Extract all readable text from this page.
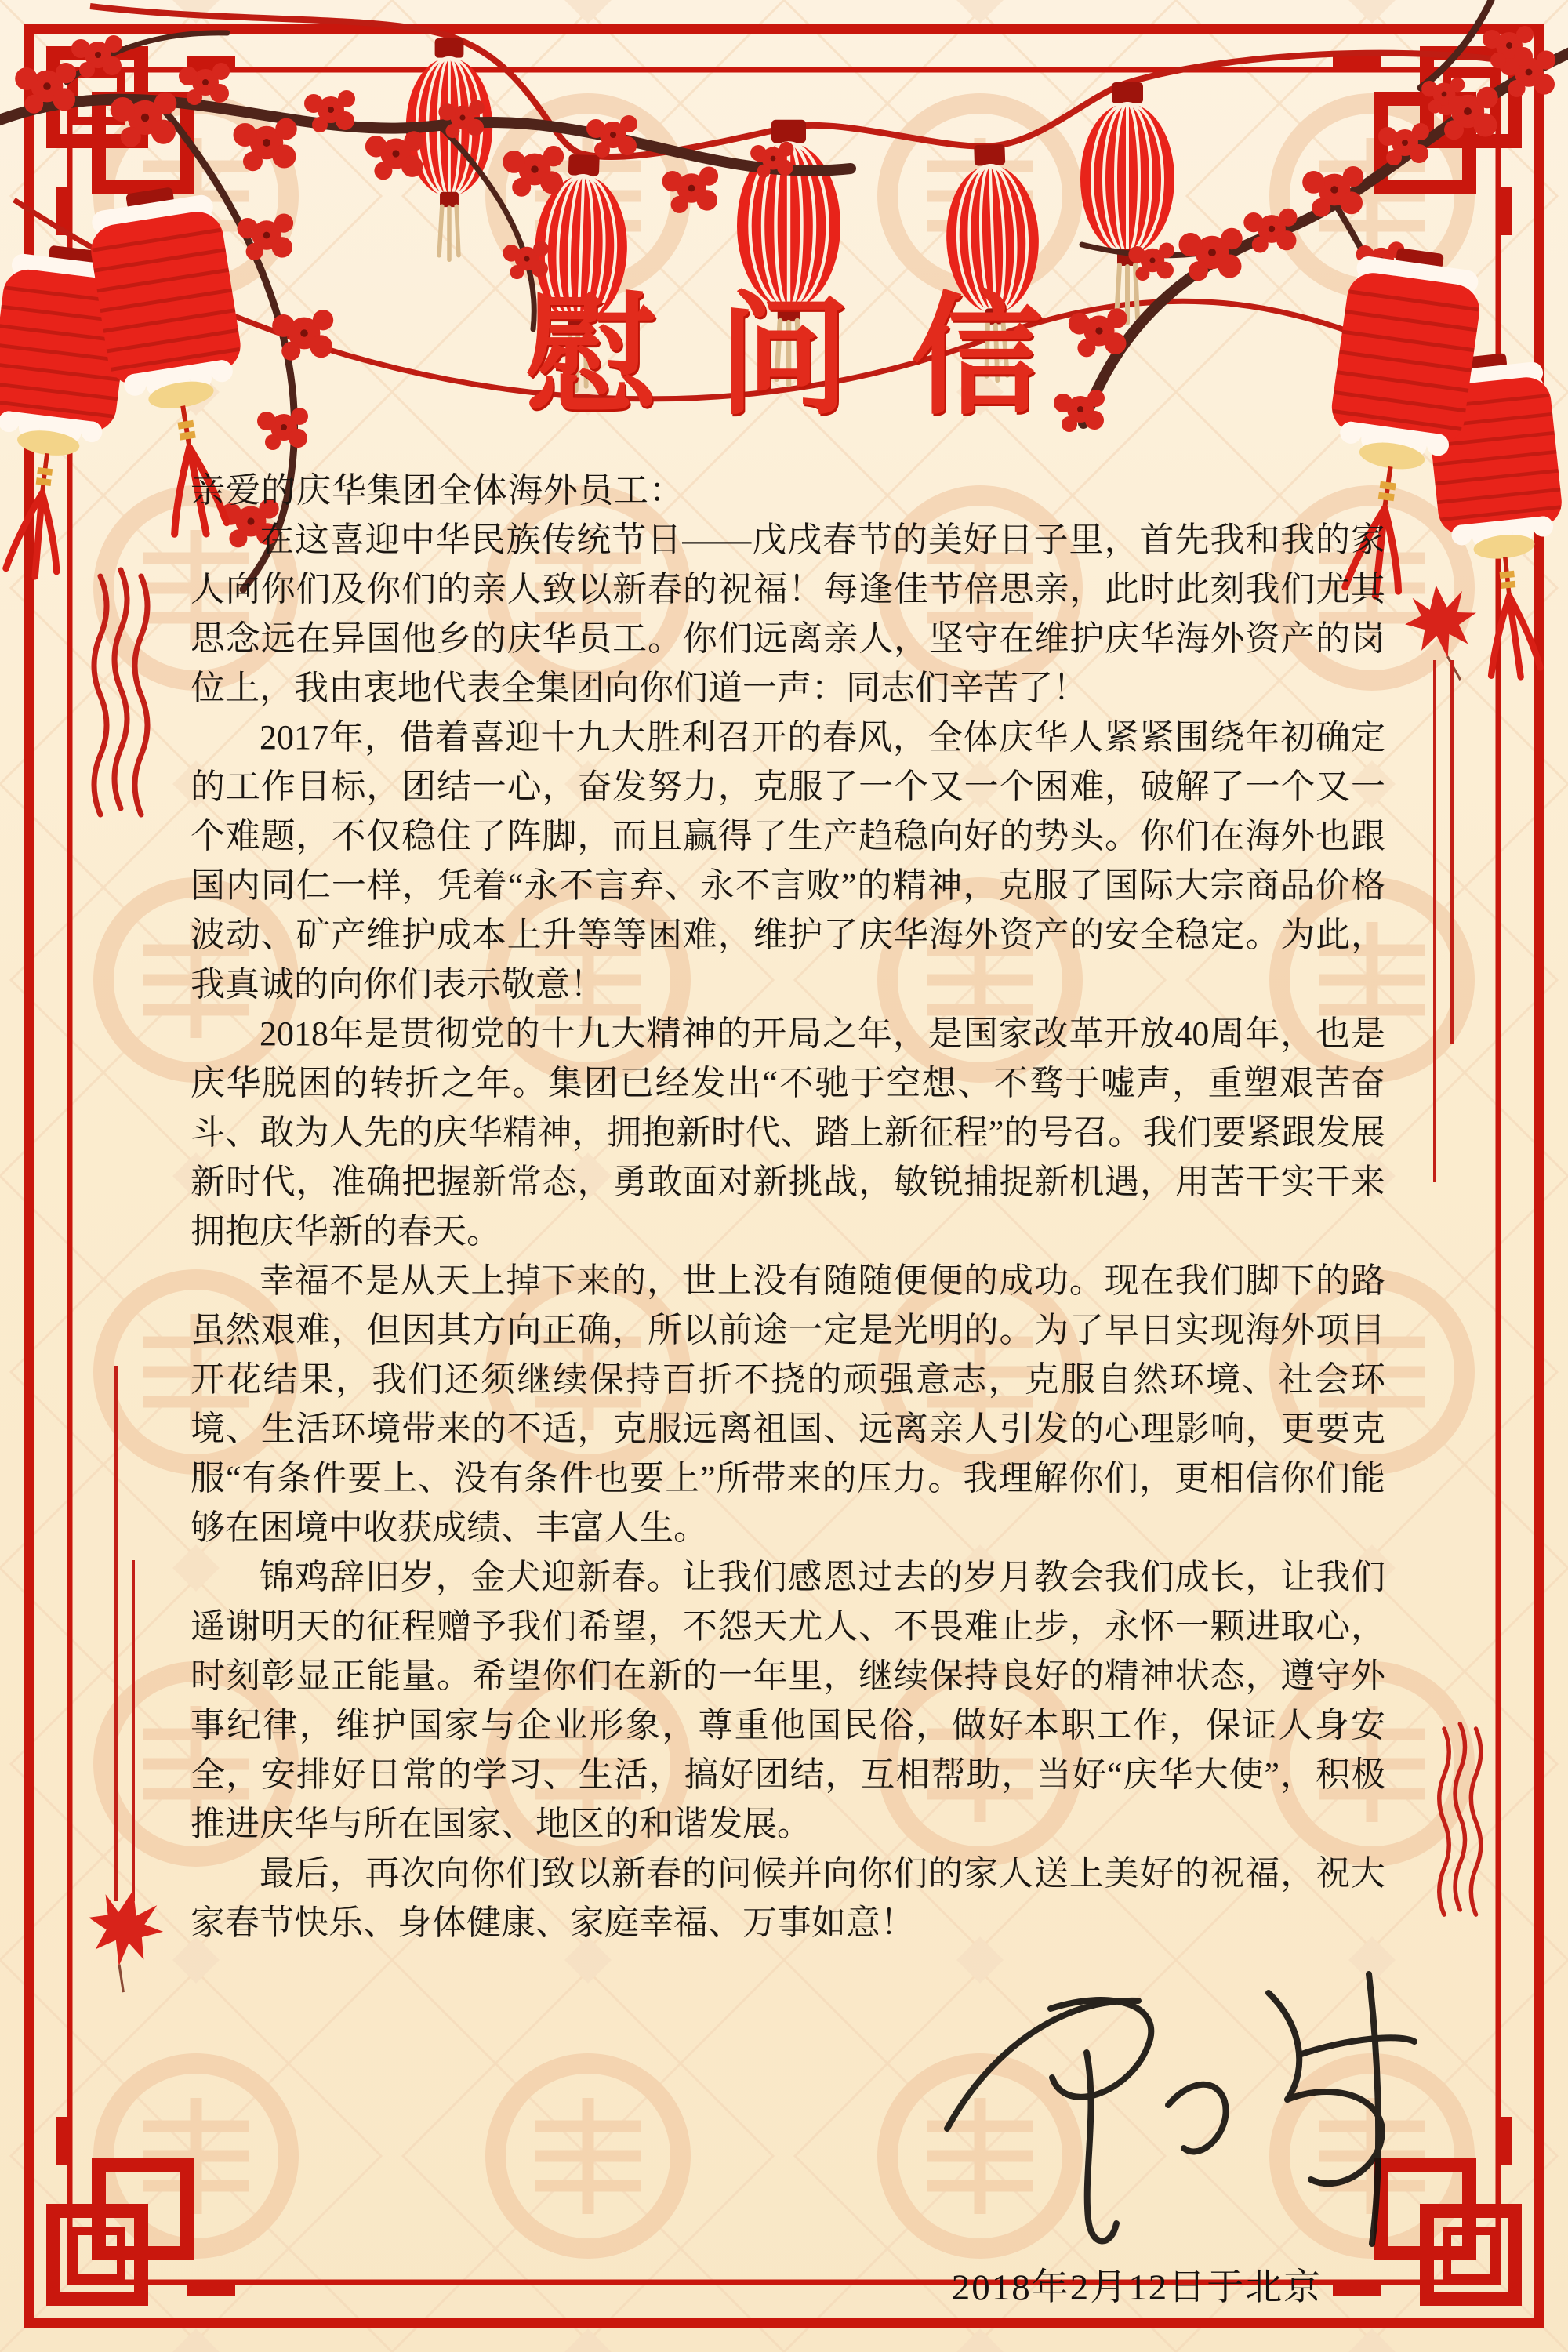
慰问信

亲爱的庆华集团全体海外员工：

在这喜迎中华民族传统节日——戊戌春节的美好日子里，首先我和我的家人向你们及你们的亲人致以新春的祝福！每逢佳节倍思亲，此时此刻我们尤其思念远在异国他乡的庆华员工。你们远离亲人，坚守在维护庆华海外资产的岗位上，我由衷地代表全集团向你们道一声：同志们辛苦了！

2017年，借着喜迎十九大胜利召开的春风，全体庆华人紧紧围绕年初确定的工作目标，团结一心，奋发努力，克服了一个又一个困难，破解了一个又一个难题，不仅稳住了阵脚，而且赢得了生产趋稳向好的势头。你们在海外也跟国内同仁一样，凭着“永不言弃、永不言败”的精神，克服了国际大宗商品价格波动、矿产维护成本上升等等困难，维护了庆华海外资产的安全稳定。为此，我真诚的向你们表示敬意！

2018年是贯彻党的十九大精神的开局之年，是国家改革开放40周年，也是庆华脱困的转折之年。集团已经发出“不驰于空想、不骛于嘘声，重塑艰苦奋斗、敢为人先的庆华精神，拥抱新时代、踏上新征程”的号召。我们要紧跟发展新时代，准确把握新常态，勇敢面对新挑战，敏锐捕捉新机遇，用苦干实干来拥抱庆华新的春天。

幸福不是从天上掉下来的，世上没有随随便便的成功。现在我们脚下的路虽然艰难，但因其方向正确，所以前途一定是光明的。为了早日实现海外项目开花结果，我们还须继续保持百折不挠的顽强意志，克服自然环境、社会环境、生活环境带来的不适，克服远离祖国、远离亲人引发的心理影响，更要克服“有条件要上、没有条件也要上”所带来的压力。我理解你们，更相信你们能够在困境中收获成绩、丰富人生。

锦鸡辞旧岁，金犬迎新春。让我们感恩过去的岁月教会我们成长，让我们遥谢明天的征程赠予我们希望，不怨天尤人、不畏难止步，永怀一颗进取心，时刻彰显正能量。希望你们在新的一年里，继续保持良好的精神状态，遵守外事纪律，维护国家与企业形象，尊重他国民俗，做好本职工作，保证人身安全，安排好日常的学习、生活，搞好团结，互相帮助，当好“庆华大使”，积极推进庆华与所在国家、地区的和谐发展。

最后，再次向你们致以新春的问候并向你们的家人送上美好的祝福，祝大家春节快乐、身体健康、家庭幸福、万事如意！

2018年2月12日于北京
